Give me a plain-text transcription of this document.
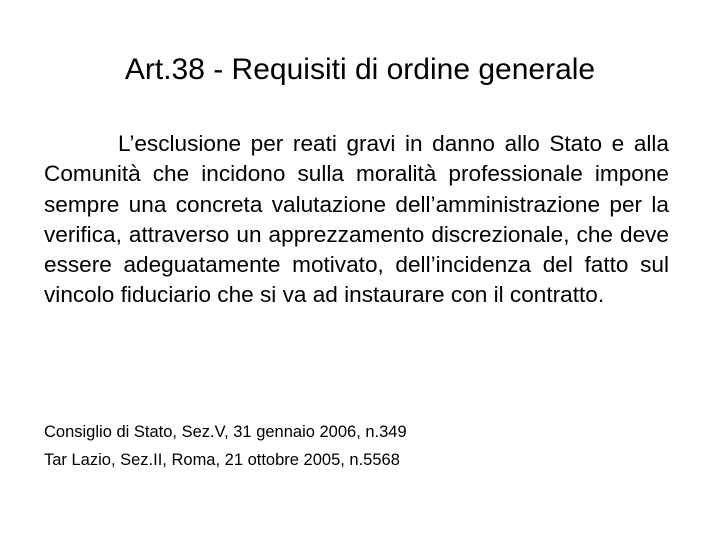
Art.38 - Requisiti di ordine generale

L’esclusione per reati gravi in danno allo Stato e alla Comunità che incidono sulla moralità professionale impone sempre una concreta valutazione dell’amministrazione per la verifica, attraverso un apprezzamento discrezionale, che deve essere adeguatamente motivato, dell’incidenza del fatto sul vincolo fiduciario che si va ad instaurare con il contratto.

Consiglio di Stato, Sez.V, 31 gennaio 2006, n.349
Tar Lazio, Sez.II, Roma, 21 ottobre 2005, n.5568
